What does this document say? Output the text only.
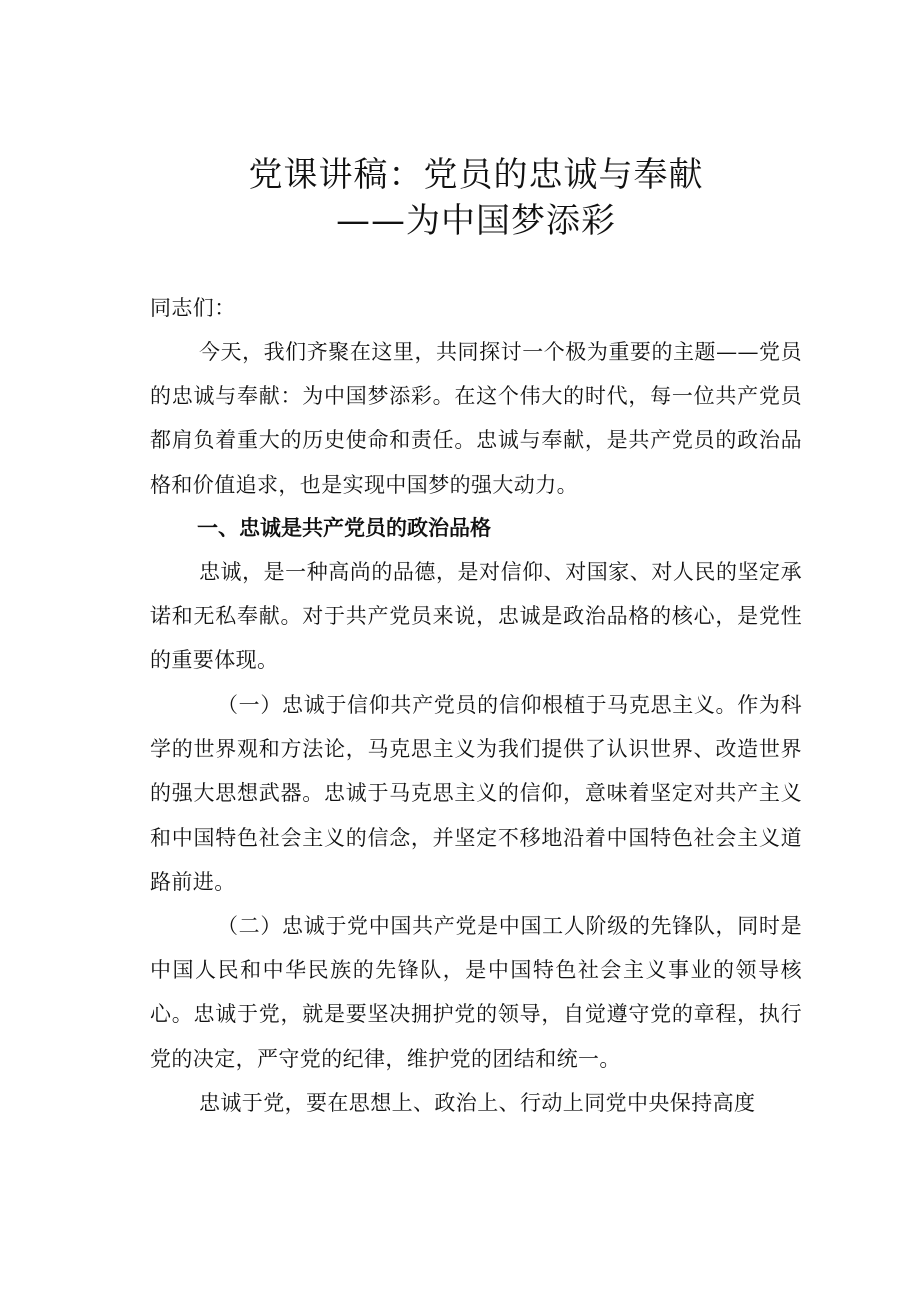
党课讲稿：党员的忠诚与奉献
——为中国梦添彩

同志们：

今天，我们齐聚在这里，共同探讨一个极为重要的主题——党员的忠诚与奉献：为中国梦添彩。在这个伟大的时代，每一位共产党员都肩负着重大的历史使命和责任。忠诚与奉献，是共产党员的政治品格和价值追求，也是实现中国梦的强大动力。

一、忠诚是共产党员的政治品格

忠诚，是一种高尚的品德，是对信仰、对国家、对人民的坚定承诺和无私奉献。对于共产党员来说，忠诚是政治品格的核心，是党性的重要体现。

（一）忠诚于信仰共产党员的信仰根植于马克思主义。作为科学的世界观和方法论，马克思主义为我们提供了认识世界、改造世界的强大思想武器。忠诚于马克思主义的信仰，意味着坚定对共产主义和中国特色社会主义的信念，并坚定不移地沿着中国特色社会主义道路前进。

（二）忠诚于党中国共产党是中国工人阶级的先锋队，同时是中国人民和中华民族的先锋队，是中国特色社会主义事业的领导核心。忠诚于党，就是要坚决拥护党的领导，自觉遵守党的章程，执行党的决定，严守党的纪律，维护党的团结和统一。

忠诚于党，要在思想上、政治上、行动上同党中央保持高度
